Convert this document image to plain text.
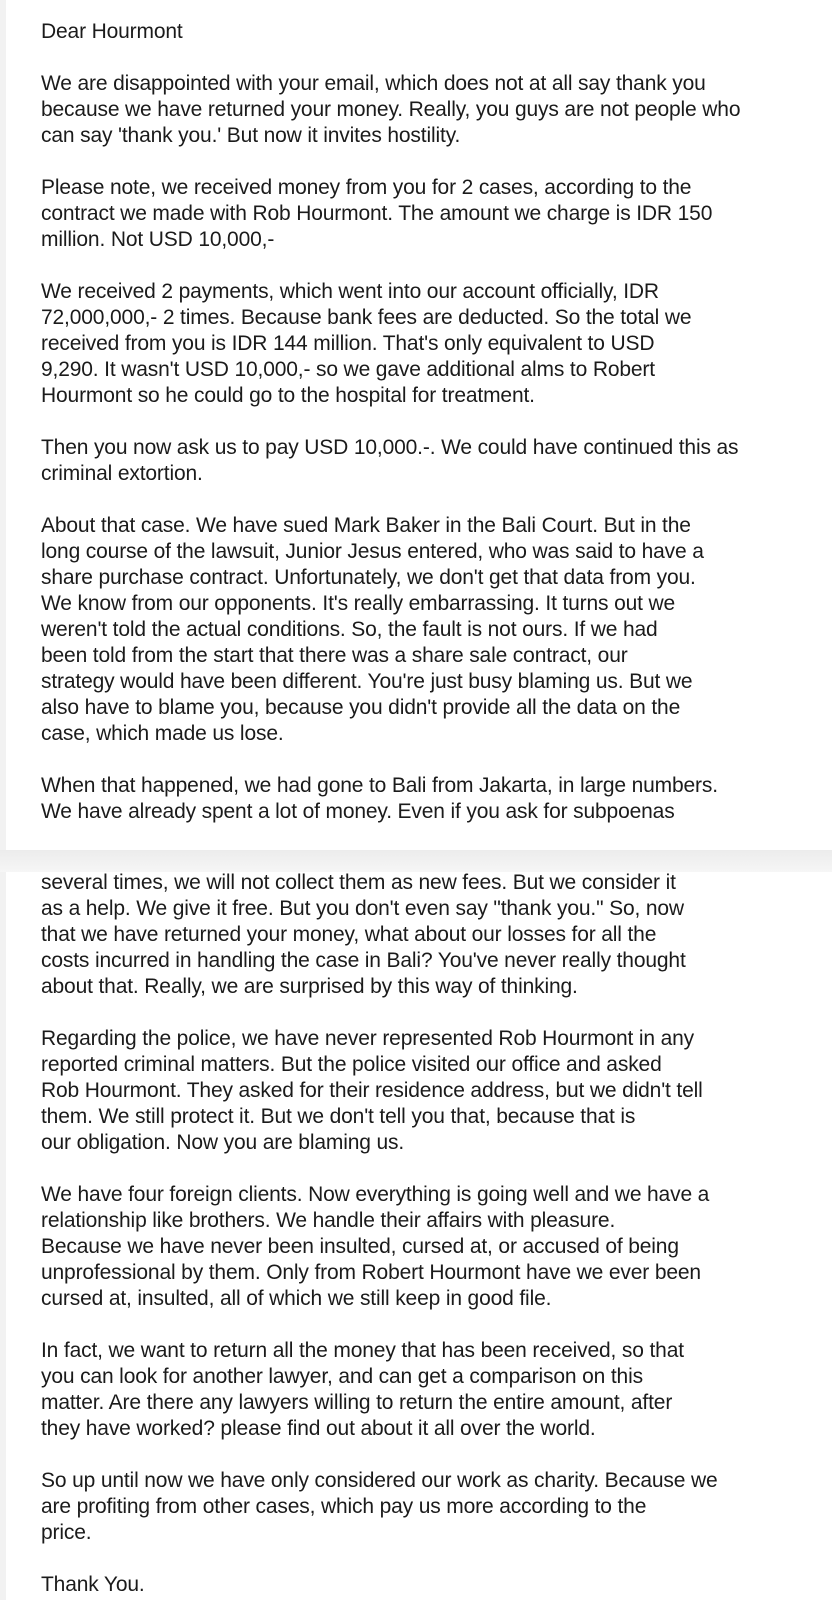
Dear Hourmont

We are disappointed with your email, which does not at all say thank you
because we have returned your money. Really, you guys are not people who
can say 'thank you.' But now it invites hostility.

Please note, we received money from you for 2 cases, according to the
contract we made with Rob Hourmont. The amount we charge is IDR 150
million. Not USD 10,000,-

We received 2 payments, which went into our account officially, IDR
72,000,000,- 2 times. Because bank fees are deducted. So the total we
received from you is IDR 144 million. That's only equivalent to USD
9,290. It wasn't USD 10,000,- so we gave additional alms to Robert
Hourmont so he could go to the hospital for treatment.

Then you now ask us to pay USD 10,000.-. We could have continued this as
criminal extortion.

About that case. We have sued Mark Baker in the Bali Court. But in the
long course of the lawsuit, Junior Jesus entered, who was said to have a
share purchase contract. Unfortunately, we don't get that data from you.
We know from our opponents. It's really embarrassing. It turns out we
weren't told the actual conditions. So, the fault is not ours. If we had
been told from the start that there was a share sale contract, our
strategy would have been different. You're just busy blaming us. But we
also have to blame you, because you didn't provide all the data on the
case, which made us lose.

When that happened, we had gone to Bali from Jakarta, in large numbers.
We have already spent a lot of money. Even if you ask for subpoenas

several times, we will not collect them as new fees. But we consider it
as a help. We give it free. But you don't even say "thank you." So, now
that we have returned your money, what about our losses for all the
costs incurred in handling the case in Bali? You've never really thought
about that. Really, we are surprised by this way of thinking.

Regarding the police, we have never represented Rob Hourmont in any
reported criminal matters. But the police visited our office and asked
Rob Hourmont. They asked for their residence address, but we didn't tell
them. We still protect it. But we don't tell you that, because that is
our obligation. Now you are blaming us.

We have four foreign clients. Now everything is going well and we have a
relationship like brothers. We handle their affairs with pleasure.
Because we have never been insulted, cursed at, or accused of being
unprofessional by them. Only from Robert Hourmont have we ever been
cursed at, insulted, all of which we still keep in good file.

In fact, we want to return all the money that has been received, so that
you can look for another lawyer, and can get a comparison on this
matter. Are there any lawyers willing to return the entire amount, after
they have worked? please find out about it all over the world.

So up until now we have only considered our work as charity. Because we
are profiting from other cases, which pay us more according to the
price.

Thank You.
